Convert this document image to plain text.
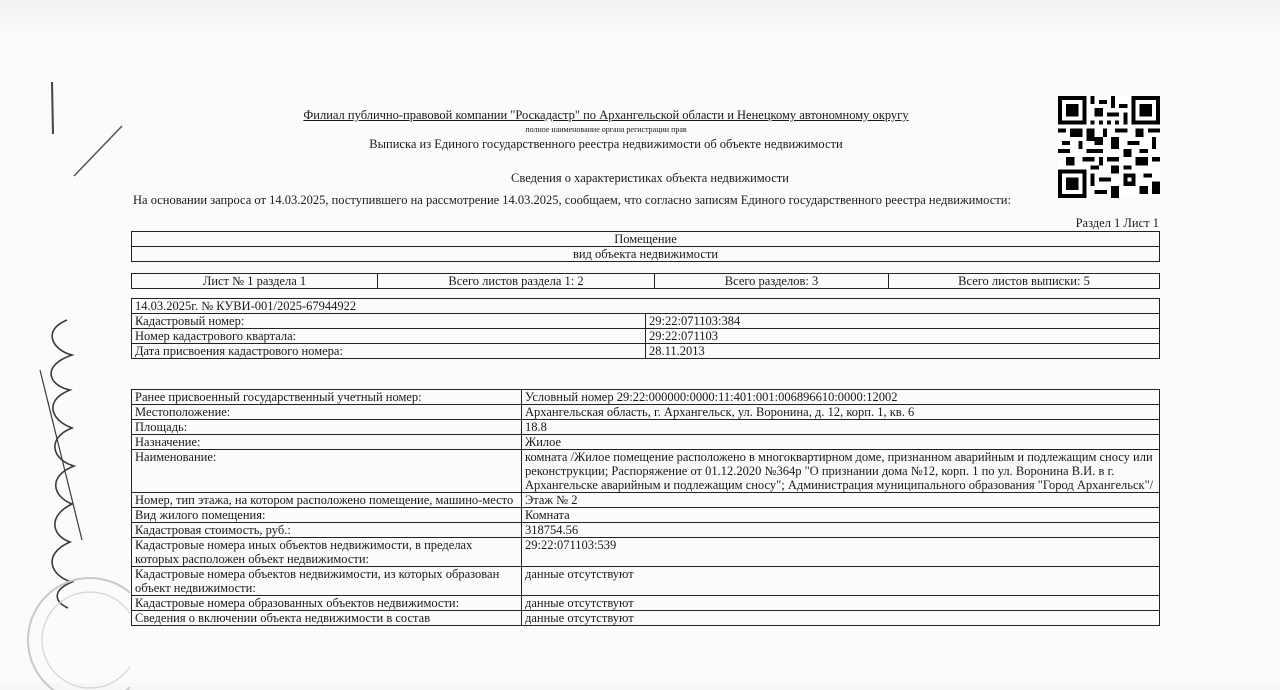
Филиал публично-правовой компании "Роскадастр" по Архангельской области и Ненецкому автономному округу
полное наименование органа регистрации прав
Выписка из Единого государственного реестра недвижимости об объекте недвижимости
Сведения о характеристиках объекта недвижимости
На основании запроса от 14.03.2025, поступившего на рассмотрение 14.03.2025, сообщаем, что согласно записям Единого государственного реестра недвижимости:
Раздел 1 Лист 1
Помещение
вид объекта недвижимости
Лист № 1 раздела 1	Всего листов раздела 1: 2	Всего разделов: 3	Всего листов выписки: 5
14.03.2025г. № КУВИ-001/2025-67944922	
Кадастровый номер:	29:22:071103:384
Номер кадастрового квартала:	29:22:071103
Дата присвоения кадастрового номера:	28.11.2013
Ранее присвоенный государственный учетный номер:	Условный номер 29:22:000000:0000:11:401:001:006896610:0000:12002
Местоположение:	Архангельская область, г. Архангельск, ул. Воронина, д. 12, корп. 1, кв. 6
Площадь:	18.8
Назначение:	Жилое
Наименование:	комната /Жилое помещение расположено в многоквартирном доме, признанном аварийным и подлежащим сносу или реконструкции; Распоряжение от 01.12.2020 №364р "О признании дома №12, корп. 1 по ул. Воронина В.И. в г. Архангельске аварийным и подлежащим сносу"; Администрация муниципального образования "Город Архангельск"/
Номер, тип этажа, на котором расположено помещение, машино-место	Этаж № 2
Вид жилого помещения:	Комната
Кадастровая стоимость, руб.:	318754.56
Кадастровые номера иных объектов недвижимости, в пределах которых расположен объект недвижимости:	29:22:071103:539
Кадастровые номера объектов недвижимости, из которых образован объект недвижимости:	данные отсутствуют
Кадастровые номера образованных объектов недвижимости:	данные отсутствуют
Сведения о включении объекта недвижимости в состав	данные отсутствуют
